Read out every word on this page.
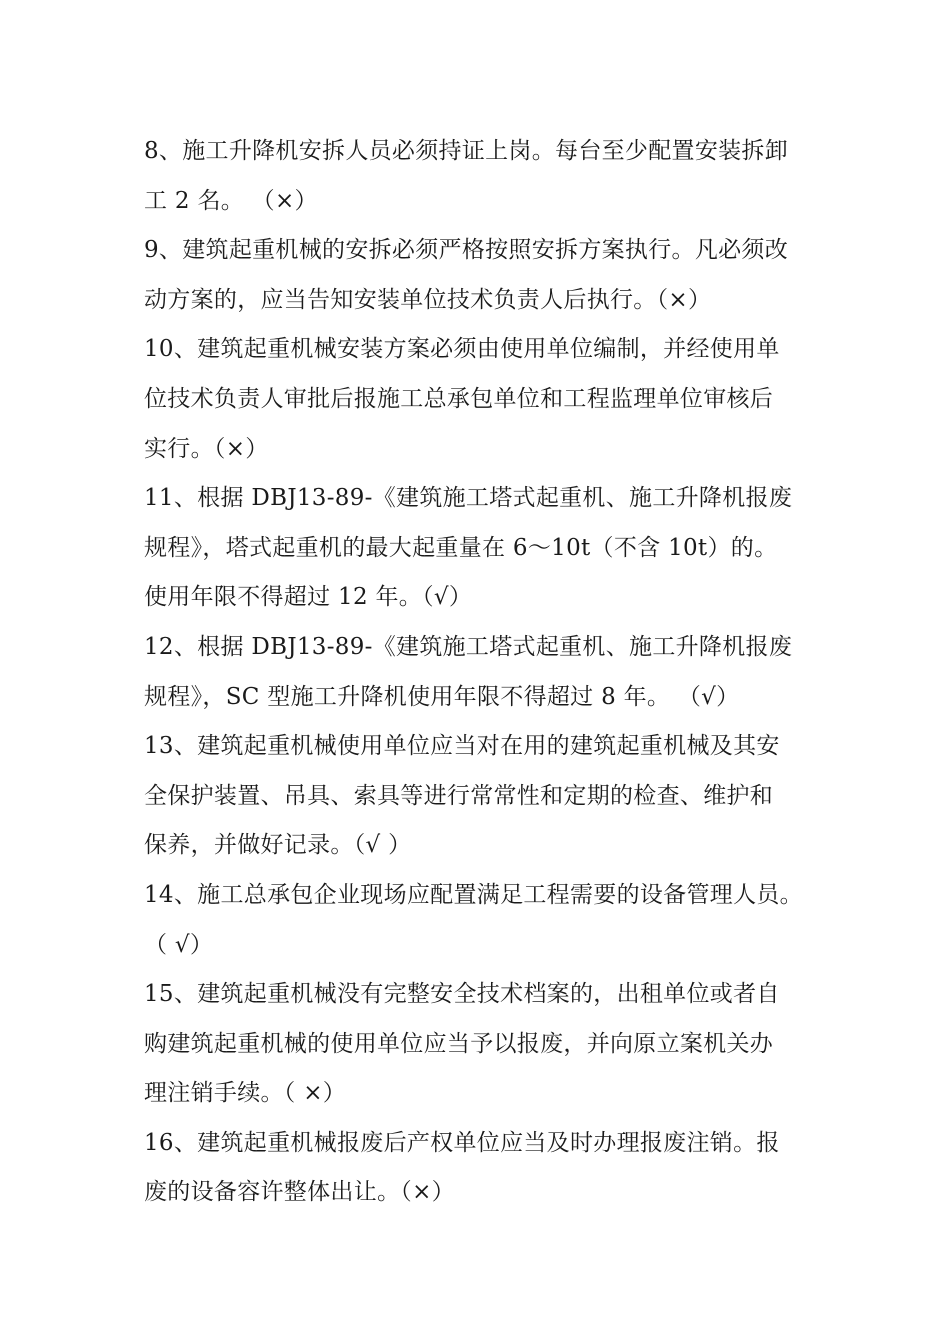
8、施工升降机安拆人员必须持证上岗。每台至少配置安装拆卸
工 2 名。 （×）

9、建筑起重机械的安拆必须严格按照安拆方案执行。凡必须改
动方案的，应当告知安装单位技术负责人后执行。（×）

10、建筑起重机械安装方案必须由使用单位编制，并经使用单
位技术负责人审批后报施工总承包单位和工程监理单位审核后
实行。（×）

11、根据 DBJ13-89-《建筑施工塔式起重机、施工升降机报废
规程》，塔式起重机的最大起重量在 6～10t（不含 10t）的。
使用年限不得超过 12 年。（√）

12、根据 DBJ13-89-《建筑施工塔式起重机、施工升降机报废
规程》，SC 型施工升降机使用年限不得超过 8 年。 （√）

13、建筑起重机械使用单位应当对在用的建筑起重机械及其安
全保护装置、吊具、索具等进行常常性和定期的检查、维护和
保养，并做好记录。（√ ）

14、施工总承包企业现场应配置满足工程需要的设备管理人员。
（ √）

15、建筑起重机械没有完整安全技术档案的，出租单位或者自
购建筑起重机械的使用单位应当予以报废，并向原立案机关办
理注销手续。（ ×）

16、建筑起重机械报废后产权单位应当及时办理报废注销。报
废的设备容许整体出让。（×）
